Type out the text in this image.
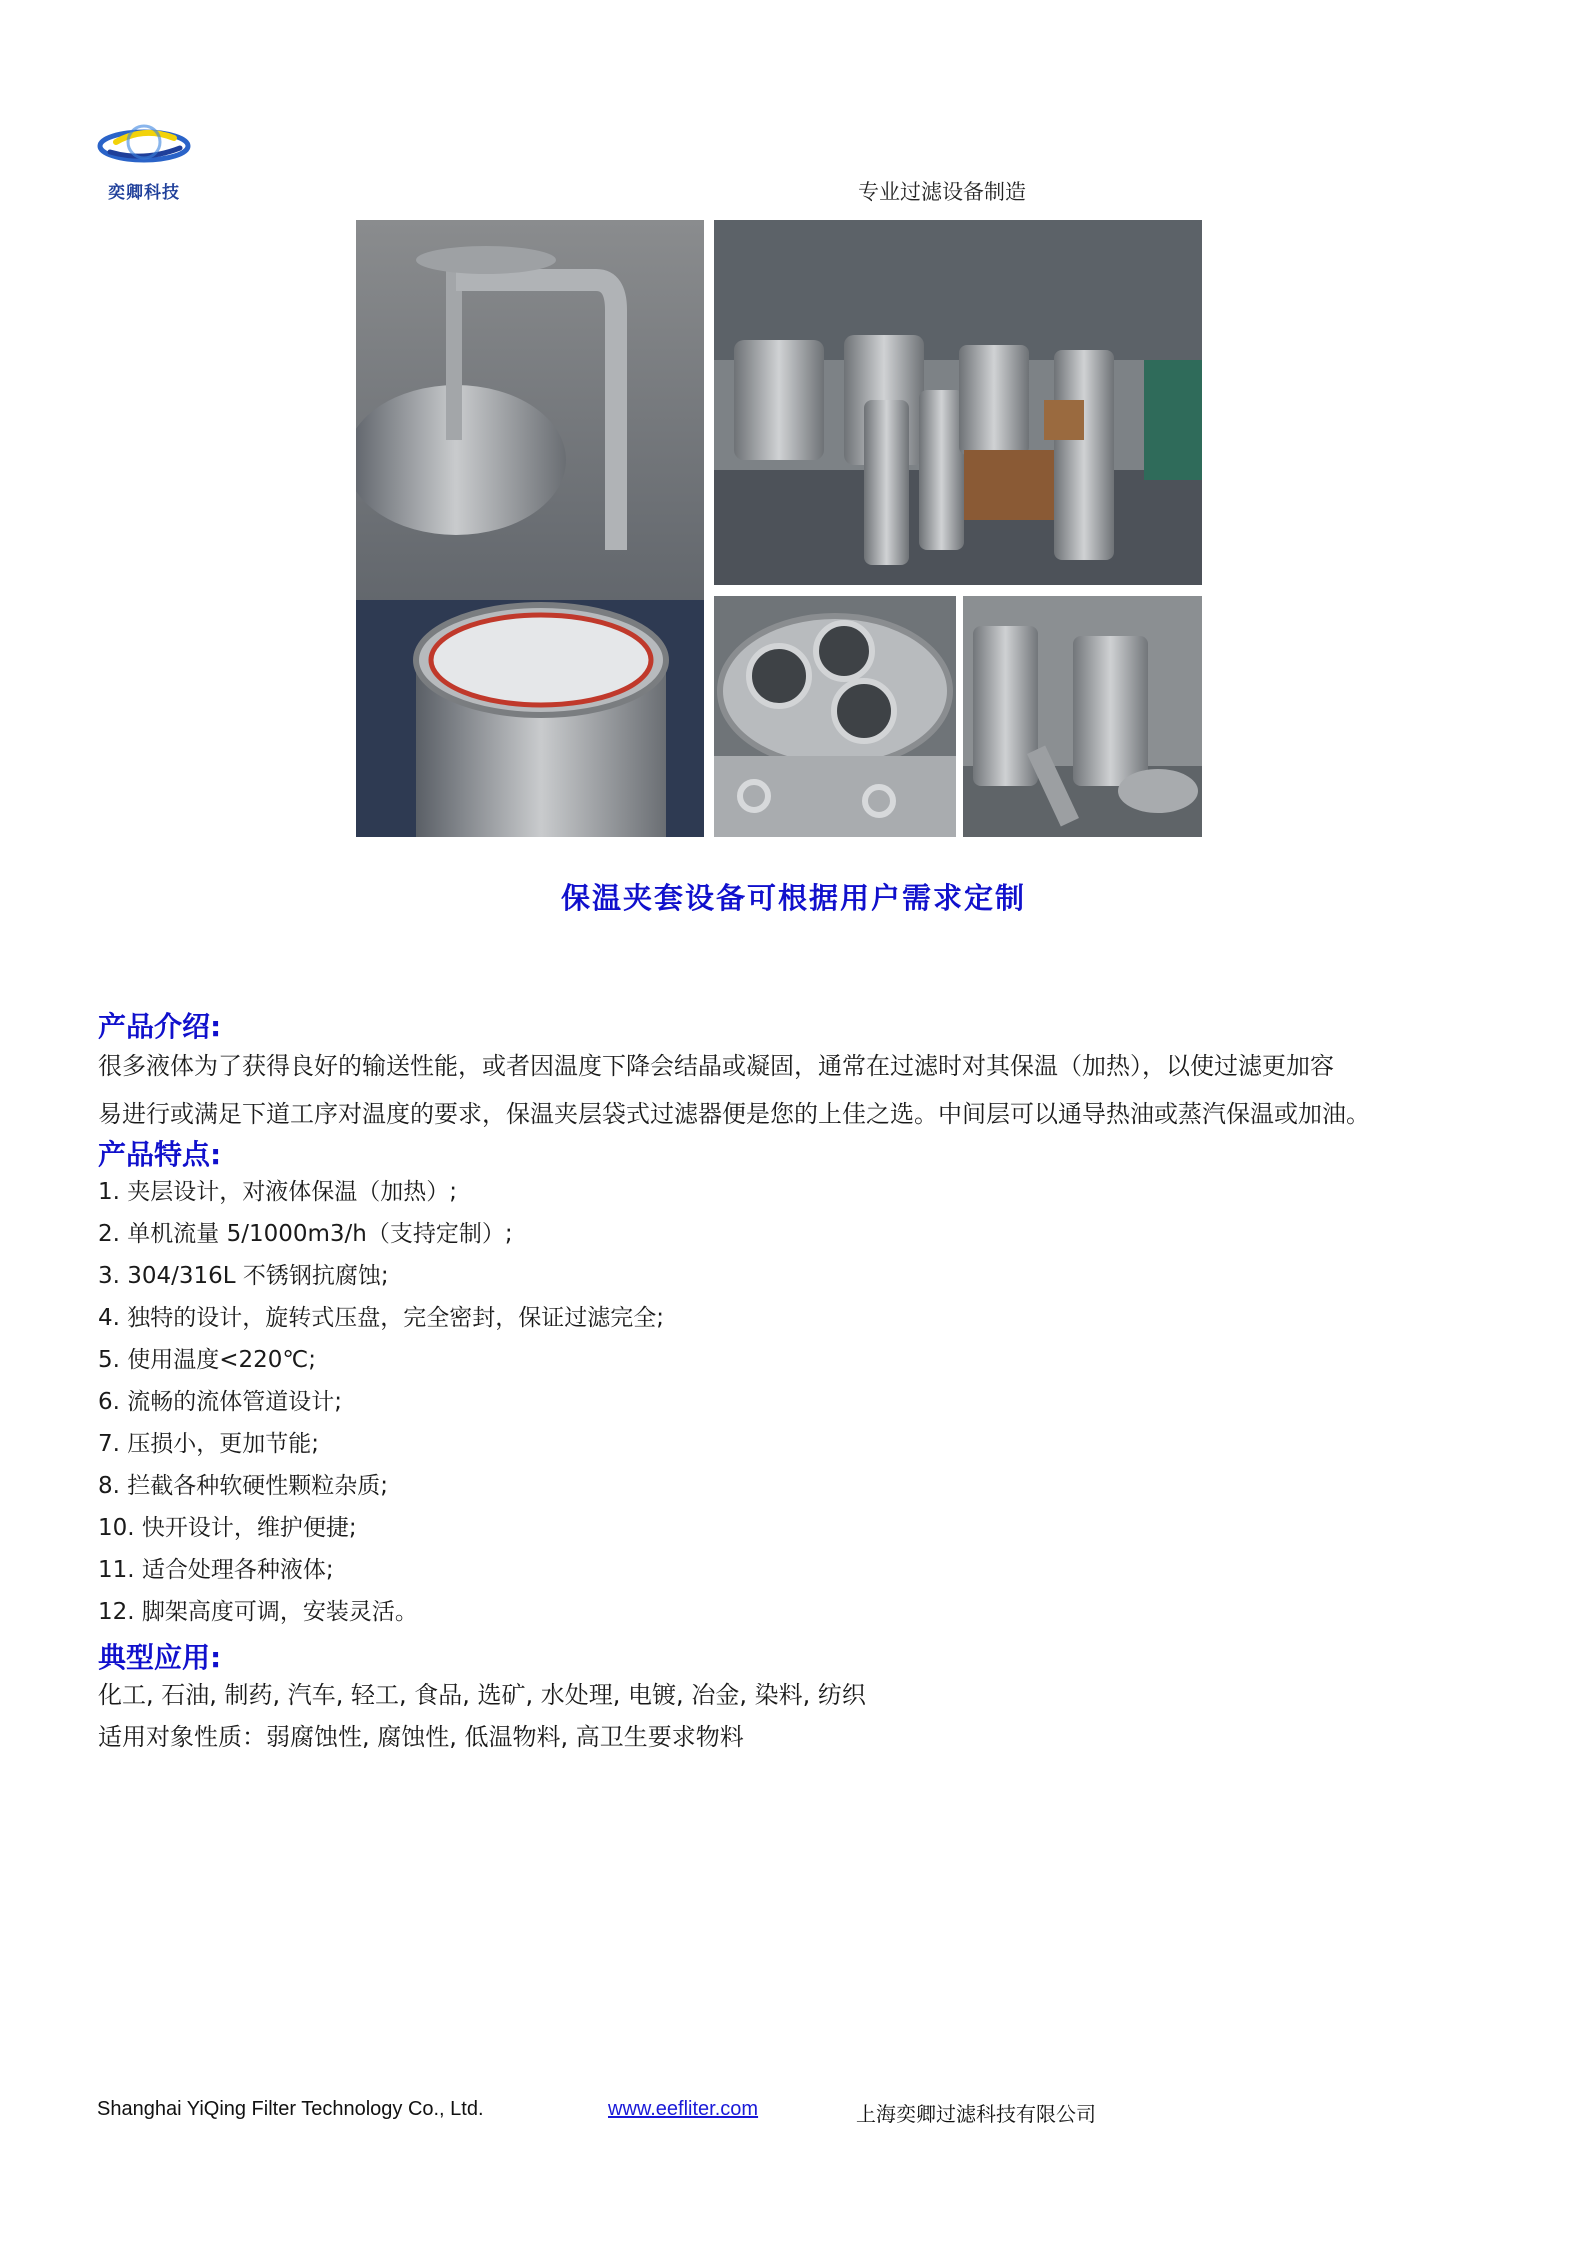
奕卿科技	专业过滤设备制造
保温夹套设备可根据用户需求定制
产品介绍:
很多液体为了获得良好的输送性能，或者因温度下降会结晶或凝固，通常在过滤时对其保温（加热），以使过滤更加容
易进行或满足下道工序对温度的要求，保温夹层袋式过滤器便是您的上佳之选。中间层可以通导热油或蒸汽保温或加油。
产品特点:
1. 夹层设计，对液体保温（加热）;
2. 单机流量 5/1000m3/h（支持定制）;
3. 304/316L 不锈钢抗腐蚀;
4. 独特的设计，旋转式压盘，完全密封，保证过滤完全;
5. 使用温度<220℃;
6. 流畅的流体管道设计;
7. 压损小，更加节能;
8. 拦截各种软硬性颗粒杂质;
10. 快开设计，维护便捷;
11. 适合处理各种液体;
12. 脚架高度可调，安装灵活。
典型应用:
化工, 石油, 制药, 汽车, 轻工, 食品, 选矿, 水处理, 电镀, 冶金, 染料, 纺织
适用对象性质：弱腐蚀性, 腐蚀性, 低温物料, 高卫生要求物料
Shanghai YiQing Filter Technology Co., Ltd.	www.eefliter.com	上海奕卿过滤科技有限公司
